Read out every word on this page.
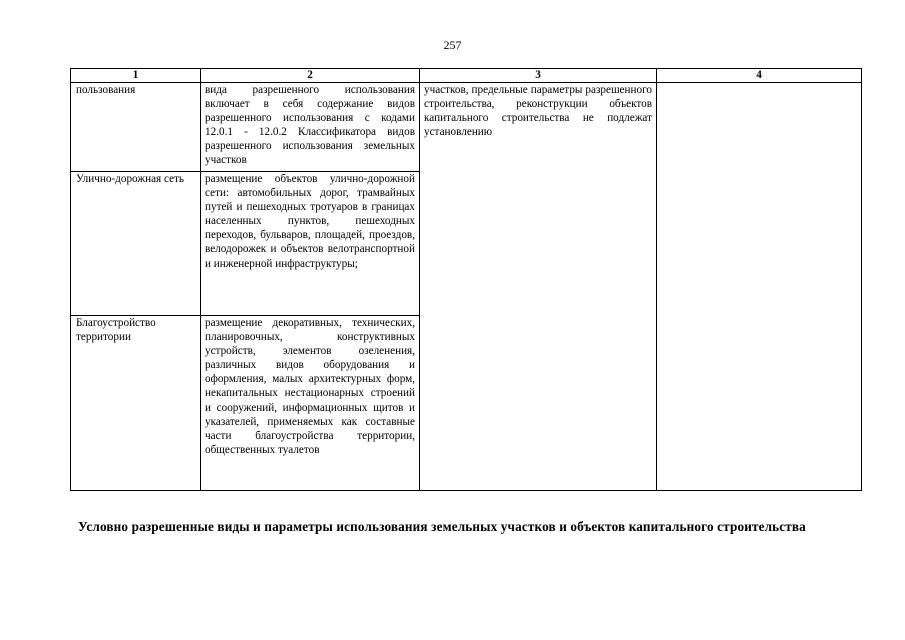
257
1	2	3	4
пользования	вида разрешенного использования включает в себя содержание видов разрешенного использования с кодами 12.0.1 - 12.0.2 Классификатора видов разрешенного использования земельных участков	участков, предельные параметры разрешенного строительства, реконструкции объектов капитального строительства не подлежат установлению	
Улично-дорожная сеть	размещение объектов улично-дорожной сети: автомобильных дорог, трамвайных путей и пешеходных тротуаров в границах населенных пунктов, пешеходных переходов, бульваров, площадей, проездов, велодорожек и объектов велотранспортной и инженерной инфраструктуры;		
Благоустройство территории	размещение декоративных, технических, планировочных, конструктивных устройств, элементов озеленения, различных видов оборудования и оформления, малых архитектурных форм, некапитальных нестационарных строений и сооружений, информационных щитов и указателей, применяемых как составные части благоустройства территории, общественных туалетов		
Условно разрешенные виды и параметры использования земельных участков и объектов капитального строительства
